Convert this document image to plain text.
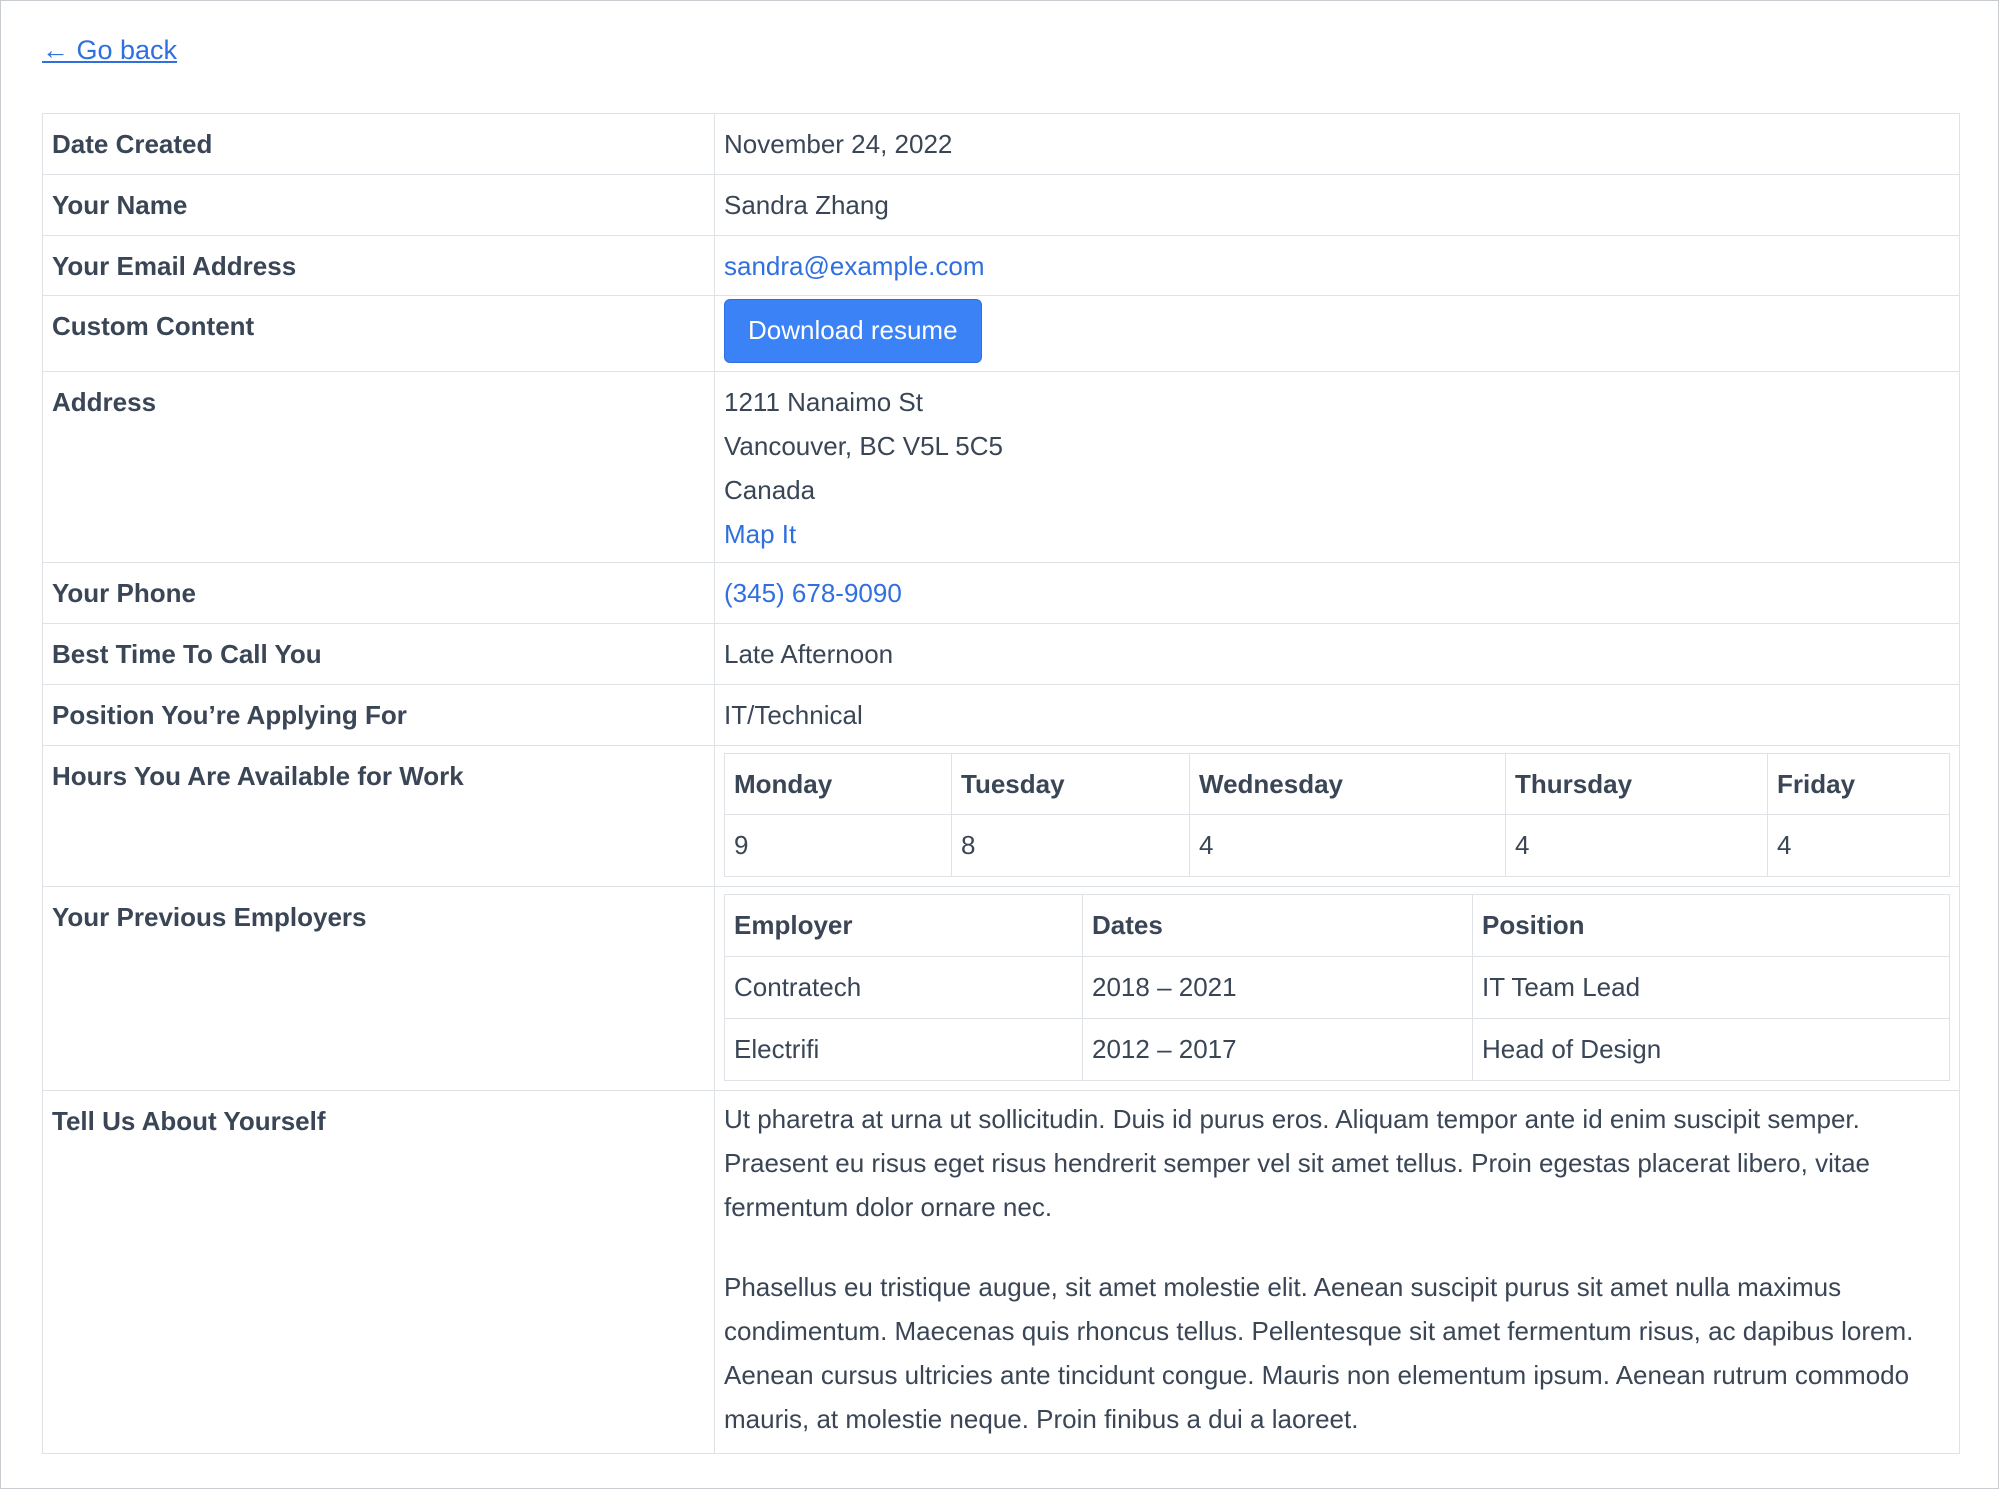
← Go back
Date Created	November 24, 2022
Your Name	Sandra Zhang
Your Email Address	sandra@example.com
Custom Content	Download resume
Address	1211 Nanaimo St

Vancouver, BC V5L 5C5

Canada

Map It

Your Phone	(345) 678-9090
Best Time To Call You	Late Afternoon
Position You’re Applying For	IT/Technical
Hours You Are Available for Work		Monday	Tuesday	Wednesday	Thursday	Friday
9	8	4	4	4

Your Previous Employers		Employer	Dates	Position
Contratech	2018 – 2021	IT Team Lead
Electrifi	2012 – 2017	Head of Design

Tell Us About Yourself	Ut pharetra at urna ut sollicitudin. Duis id purus eros. Aliquam tempor ante id enim suscipit semper. Praesent eu risus eget risus hendrerit semper vel sit amet tellus. Proin egestas placerat libero, vitae fermentum dolor ornare nec.

Phasellus eu tristique augue, sit amet molestie elit. Aenean suscipit purus sit amet nulla maximus condimentum. Maecenas quis rhoncus tellus. Pellentesque sit amet fermentum risus, ac dapibus lorem. Aenean cursus ultricies ante tincidunt congue. Mauris non elementum ipsum. Aenean rutrum commodo mauris, at molestie neque. Proin finibus a dui a laoreet.
